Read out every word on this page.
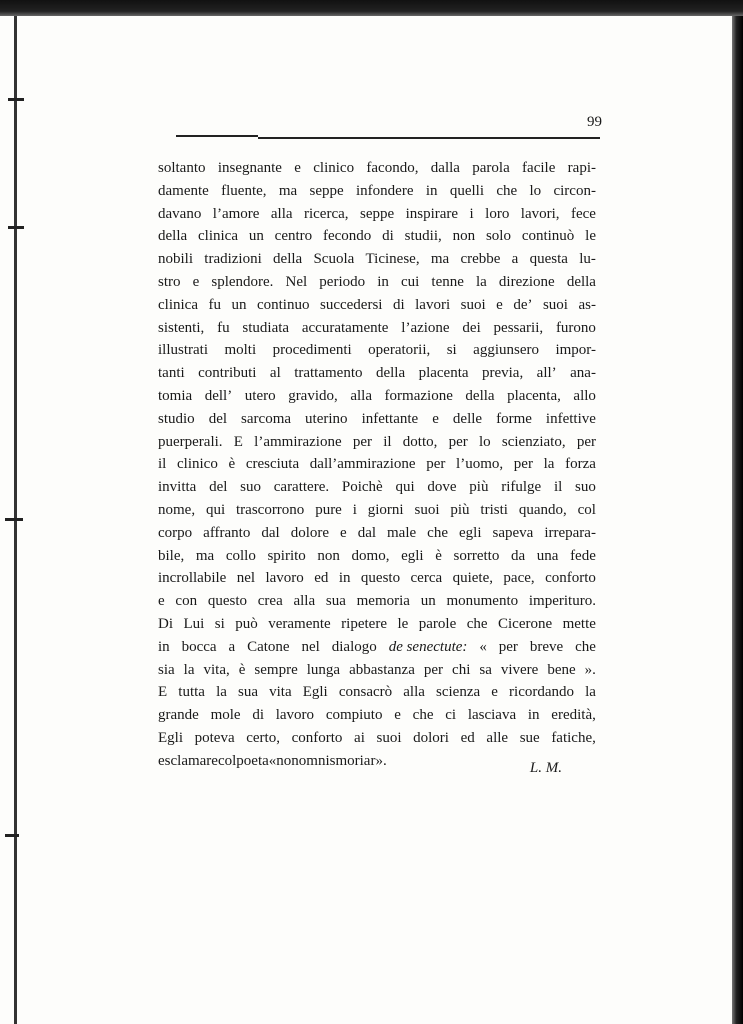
99
soltanto insegnante e clinico facondo, dalla parola facile rapi-
damente fluente, ma seppe infondere in quelli che lo circon-
davano l’amore alla ricerca, seppe inspirare i loro lavori, fece
della clinica un centro fecondo di studii, non solo continuò le
nobili tradizioni della Scuola Ticinese, ma crebbe a questa lu-
stro e splendore. Nel periodo in cui tenne la direzione della
clinica fu un continuo succedersi di lavori suoi e de’ suoi as-
sistenti, fu studiata accuratamente l’azione dei pessarii, furono
illustrati molti procedimenti operatorii, si aggiunsero impor-
tanti contributi al trattamento della placenta previa, all’ ana-
tomia dell’ utero gravido, alla formazione della placenta, allo
studio del sarcoma uterino infettante e delle forme infettive
puerperali. E l’ammirazione per il dotto, per lo scienziato, per
il clinico è cresciuta dall’ammirazione per l’uomo, per la forza
invitta del suo carattere. Poichè qui dove più rifulge il suo
nome, qui trascorrono pure i giorni suoi più tristi quando, col
corpo affranto dal dolore e dal male che egli sapeva irrepara-
bile, ma collo spirito non domo, egli è sorretto da una fede
incrollabile nel lavoro ed in questo cerca quiete, pace, conforto
e con questo crea alla sua memoria un monumento imperituro.
Di Lui si può veramente ripetere le parole che Cicerone mette
in bocca a Catone nel dialogo de senectute: « per breve che
sia la vita, è sempre lunga abbastanza per chi sa vivere bene ».
E tutta la sua vita Egli consacrò alla scienza e ricordando la
grande mole di lavoro compiuto e che ci lasciava in eredità,
Egli poteva certo, conforto ai suoi dolori ed alle sue fatiche,
esclamare col poeta « non omnis moriar ».	L. M.
